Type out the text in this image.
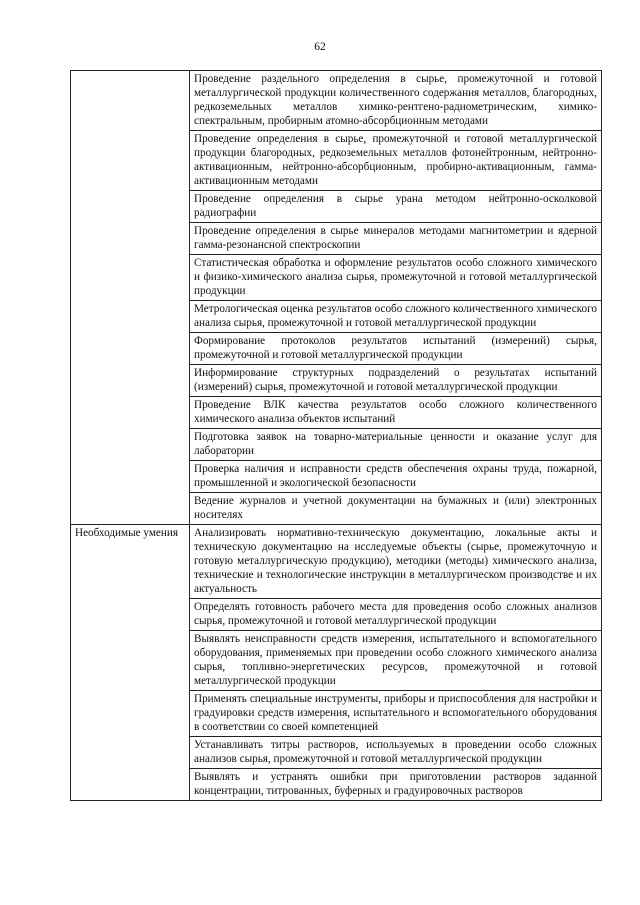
62
	Проведение раздельного определения в сырье, промежуточной и готовой металлургической продукции количественного содержания металлов, благородных, редкоземельных металлов химико-рентгено-радиометрическим, химико-спектральным, пробирным атомно-абсорбционным методами
	Проведение определения в сырье, промежуточной и готовой металлургической продукции благородных, редкоземельных металлов фотонейтронным, нейтронно-активационным, нейтронно-абсорбционным, пробирно-активационным, гамма-активационным методами
	Проведение определения в сырье урана методом нейтронно-осколковой радиографии
	Проведение определения в сырье минералов методами магнитометрии и ядерной гамма-резонансной спектроскопии
	Статистическая обработка и оформление результатов особо сложного химического и физико-химического анализа сырья, промежуточной и готовой металлургической продукции
	Метрологическая оценка результатов особо сложного количественного химического анализа сырья, промежуточной и готовой металлургической продукции
	Формирование протоколов результатов испытаний (измерений) сырья, промежуточной и готовой металлургической продукции
	Информирование структурных подразделений о результатах испытаний (измерений) сырья, промежуточной и готовой металлургической продукции
	Проведение ВЛК качества результатов особо сложного количественного химического анализа объектов испытаний
	Подготовка заявок на товарно-материальные ценности и оказание услуг для лаборатории
	Проверка наличия и исправности средств обеспечения охраны труда, пожарной, промышленной и экологической безопасности
	Ведение журналов и учетной документации на бумажных и (или) электронных носителях
Необходимые умения	Анализировать нормативно-техническую документацию, локальные акты и техническую документацию на исследуемые объекты (сырье, промежуточную и готовую металлургическую продукцию), методики (методы) химического анализа, технические и технологические инструкции в металлургическом производстве и их актуальность
	Определять готовность рабочего места для проведения особо сложных анализов сырья, промежуточной и готовой металлургической продукции
	Выявлять неисправности средств измерения, испытательного и вспомогательного оборудования, применяемых при проведении особо сложного химического анализа сырья, топливно-энергетических ресурсов, промежуточной и готовой металлургической продукции
	Применять специальные инструменты, приборы и приспособления для настройки и градуировки средств измерения, испытательного и вспомогательного оборудования в соответствии со своей компетенцией
	Устанавливать титры растворов, используемых в проведении особо сложных анализов сырья, промежуточной и готовой металлургической продукции
	Выявлять и устранять ошибки при приготовлении растворов заданной концентрации, титрованных, буферных и градуировочных растворов
